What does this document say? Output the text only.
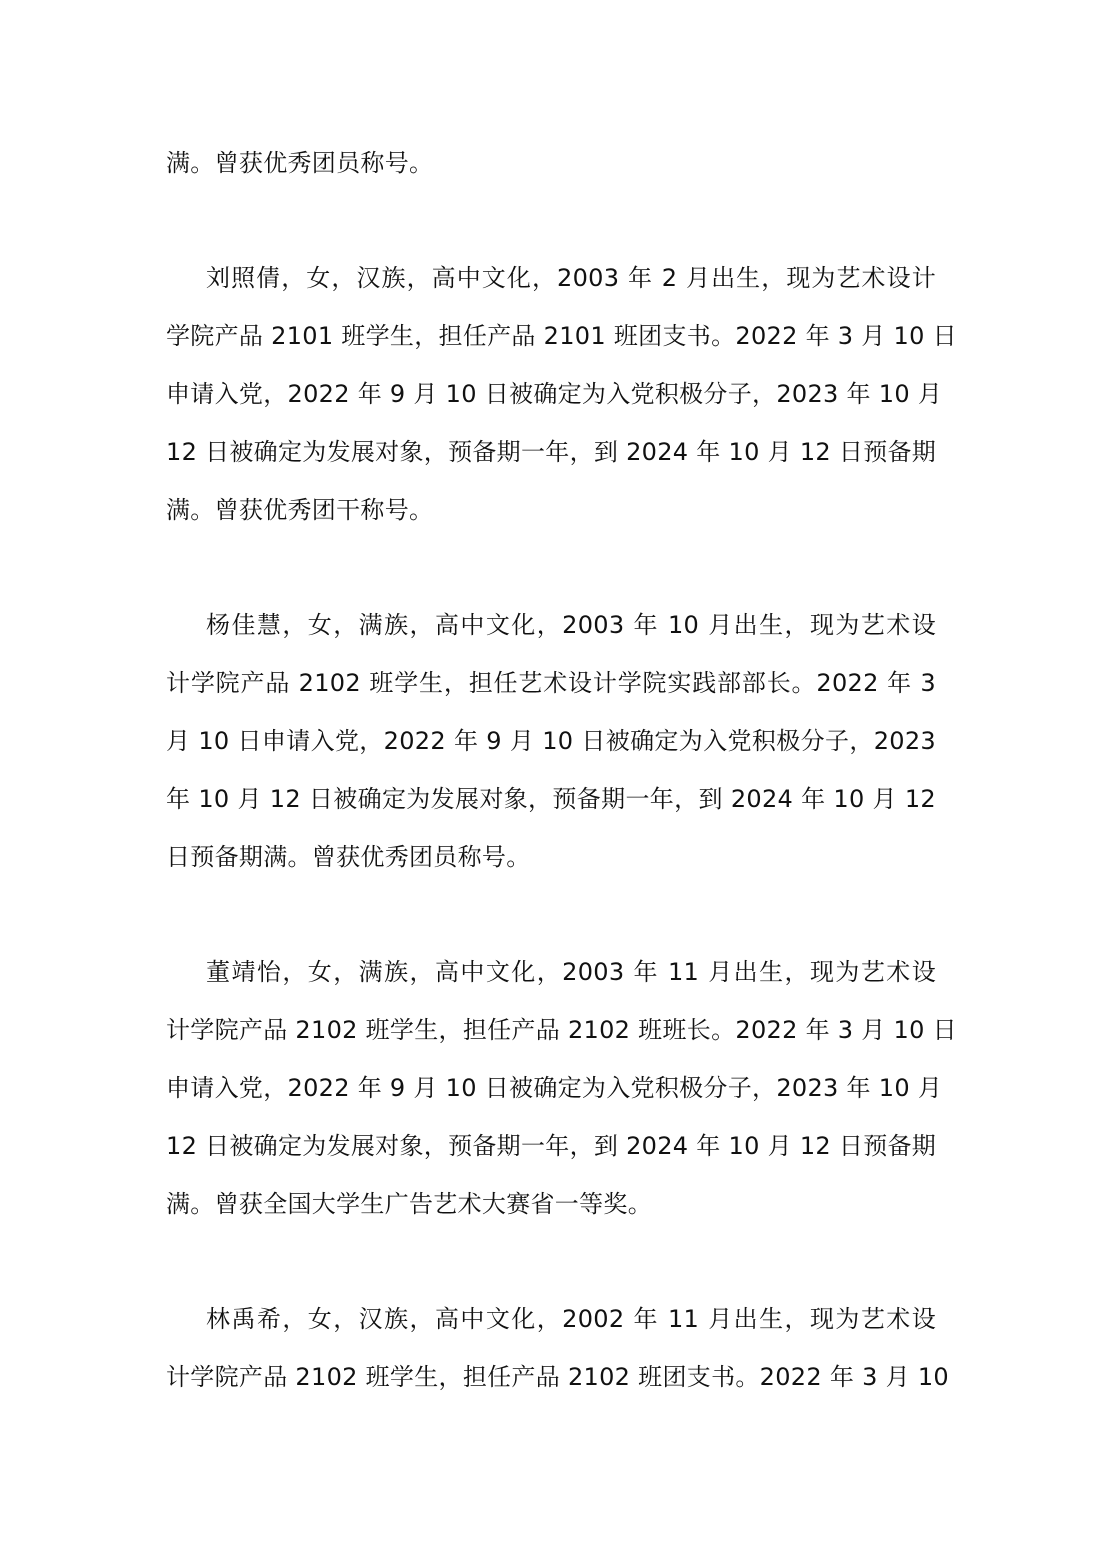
满。曾获优秀团员称号。
刘照倩，女，汉族，高中文化，2003 年 2 月出生，现为艺术设计
学院产品 2101 班学生，担任产品 2101 班团支书。2022 年 3 月 10 日
申请入党，2022 年 9 月 10 日被确定为入党积极分子，2023 年 10 月
12 日被确定为发展对象，预备期一年，到 2024 年 10 月 12 日预备期
满。曾获优秀团干称号。
杨佳慧，女，满族，高中文化，2003 年 10 月出生，现为艺术设
计学院产品 2102 班学生，担任艺术设计学院实践部部长。2022 年 3
月 10 日申请入党，2022 年 9 月 10 日被确定为入党积极分子，2023
年 10 月 12 日被确定为发展对象，预备期一年，到 2024 年 10 月 12
日预备期满。曾获优秀团员称号。
董靖怡，女，满族，高中文化，2003 年 11 月出生，现为艺术设
计学院产品 2102 班学生，担任产品 2102 班班长。2022 年 3 月 10 日
申请入党，2022 年 9 月 10 日被确定为入党积极分子，2023 年 10 月
12 日被确定为发展对象，预备期一年，到 2024 年 10 月 12 日预备期
满。曾获全国大学生广告艺术大赛省一等奖。
林禹希，女，汉族，高中文化，2002 年 11 月出生，现为艺术设
计学院产品 2102 班学生，担任产品 2102 班团支书。2022 年 3 月 10
